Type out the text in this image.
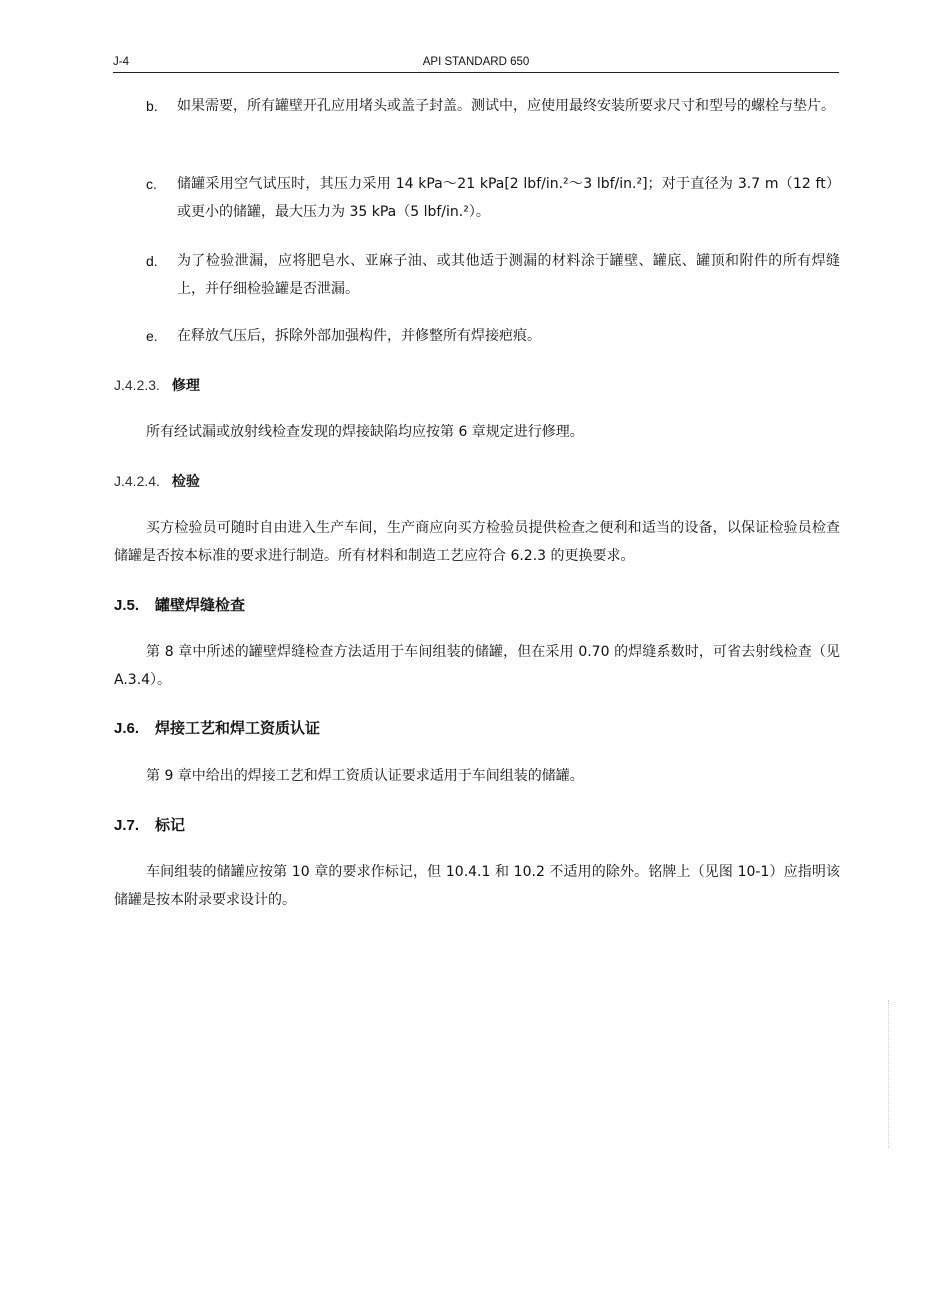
J-4	API STANDARD 650
b. 如果需要，所有罐壁开孔应用堵头或盖子封盖。测试中，应使用最终安装所要求尺寸和型号的螺栓与垫片。
c. 储罐采用空气试压时，其压力采用 14 kPa～21 kPa[2 lbf/in.²～3 lbf/in.²]；对于直径为 3.7 m（12 ft）或更小的储罐，最大压力为 35 kPa（5 lbf/in.²）。
d. 为了检验泄漏，应将肥皂水、亚麻子油、或其他适于测漏的材料涂于罐壁、罐底、罐顶和附件的所有焊缝上，并仔细检验罐是否泄漏。
e. 在释放气压后，拆除外部加强构件，并修整所有焊接疤痕。
J.4.2.3. 修理
所有经试漏或放射线检查发现的焊接缺陷均应按第 6 章规定进行修理。
J.4.2.4. 检验
买方检验员可随时自由进入生产车间，生产商应向买方检验员提供检查之便利和适当的设备，以保证检验员检查储罐是否按本标准的要求进行制造。所有材料和制造工艺应符合 6.2.3 的更换要求。
J.5. 罐壁焊缝检查
第 8 章中所述的罐壁焊缝检查方法适用于车间组装的储罐，但在采用 0.70 的焊缝系数时，可省去射线检查（见 A.3.4）。
J.6. 焊接工艺和焊工资质认证
第 9 章中给出的焊接工艺和焊工资质认证要求适用于车间组装的储罐。
J.7. 标记
车间组装的储罐应按第 10 章的要求作标记，但 10.4.1 和 10.2 不适用的除外。铭牌上（见图 10-1）应指明该储罐是按本附录要求设计的。
